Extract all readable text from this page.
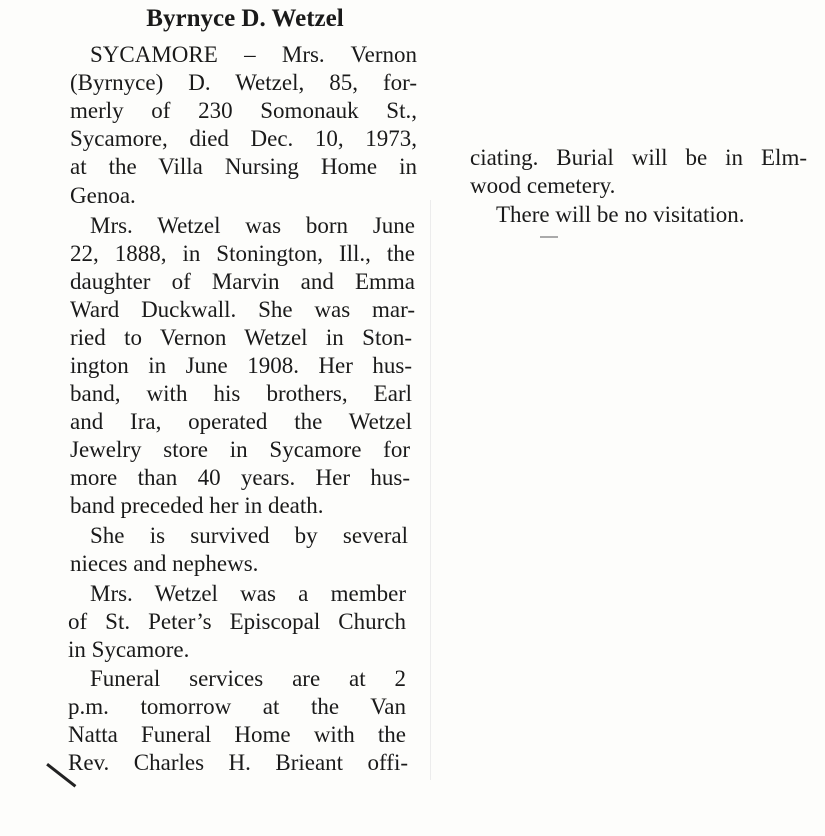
Byrnyce D. Wetzel
SYCAMORE – Mrs. Vernon
(Byrnyce) D. Wetzel, 85, for-
merly of 230 Somonauk St.,
Sycamore, died Dec. 10, 1973,
at the Villa Nursing Home in
Genoa.
Mrs. Wetzel was born June
22, 1888, in Stonington, Ill., the
daughter of Marvin and Emma
Ward Duckwall. She was mar-
ried to Vernon Wetzel in Ston-
ington in June 1908. Her hus-
band, with his brothers, Earl
and Ira, operated the Wetzel
Jewelry store in Sycamore for
more than 40 years. Her hus-
band preceded her in death.
She is survived by several
nieces and nephews.
Mrs. Wetzel was a member
of St. Peter’s Episcopal Church
in Sycamore.
Funeral services are at 2
p.m. tomorrow at the Van
Natta Funeral Home with the
Rev. Charles H. Brieant offi-
ciating. Burial will be in Elm-
wood cemetery.
There will be no visitation.
